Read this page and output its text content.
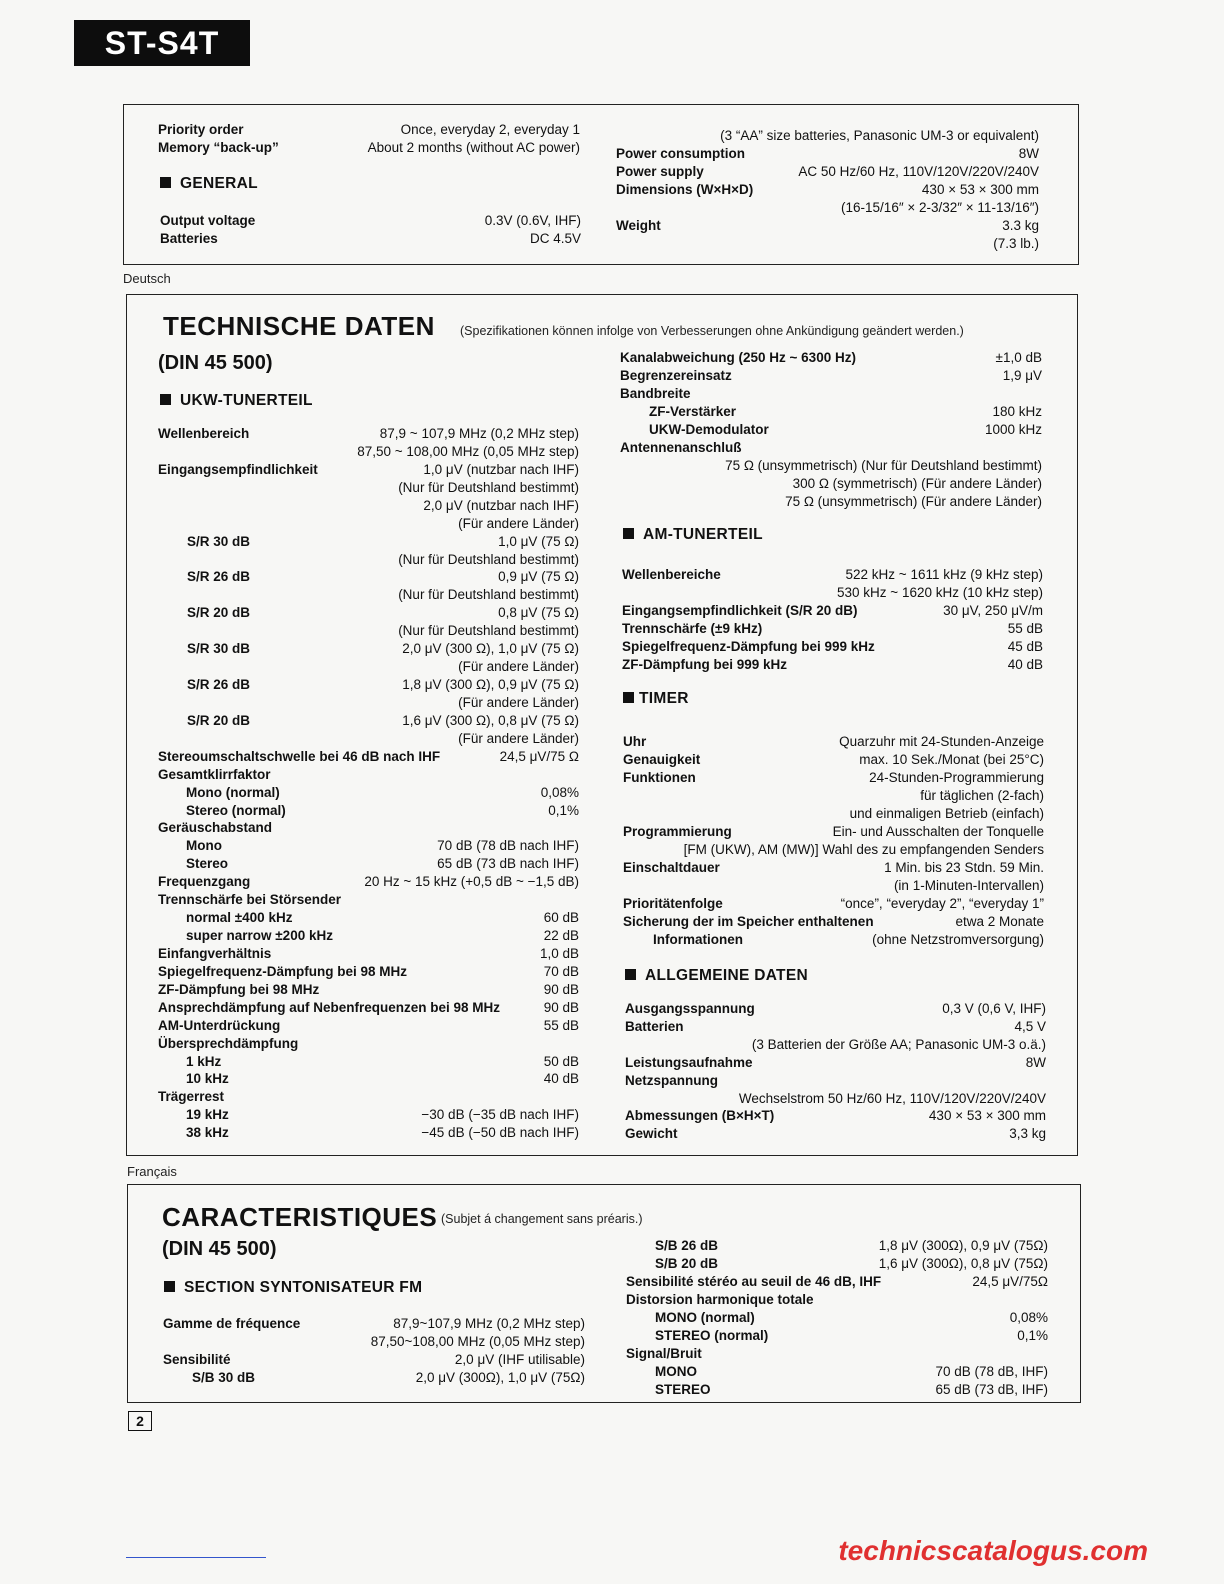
ST-S4T
Priority order	Once, everyday 2, everyday 1
Memory “back-up”	About 2 months (without AC power)
GENERAL
Output voltage	0.3V (0.6V, IHF)
Batteries	DC 4.5V
(3 “AA” size batteries, Panasonic UM-3 or equivalent)
Power consumption	8W
Power supply	AC 50 Hz/60 Hz, 110V/120V/220V/240V
Dimensions (W×H×D)	430 × 53 × 300 mm
(16-15/16″ × 2-3/32″ × 11-13/16″)
Weight	3.3 kg
(7.3 lb.)
Deutsch
TECHNISCHE DATEN (Spezifikationen können infolge von Verbesserungen ohne Ankündigung geändert werden.)
(DIN 45 500)
UKW-TUNERTEIL
Wellenbereich	87,9 ~ 107,9 MHz (0,2 MHz step)
87,50 ~ 108,00 MHz (0,05 MHz step)
Eingangsempfindlichkeit	1,0 μV (nutzbar nach IHF)
(Nur für Deutshland bestimmt)
2,0 μV (nutzbar nach IHF)
(Für andere Länder)
S/R 30 dB	1,0 μV (75 Ω)
(Nur für Deutshland bestimmt)
S/R 26 dB	0,9 μV (75 Ω)
(Nur für Deutshland bestimmt)
S/R 20 dB	0,8 μV (75 Ω)
(Nur für Deutshland bestimmt)
S/R 30 dB	2,0 μV (300 Ω), 1,0 μV (75 Ω)
(Für andere Länder)
S/R 26 dB	1,8 μV (300 Ω), 0,9 μV (75 Ω)
(Für andere Länder)
S/R 20 dB	1,6 μV (300 Ω), 0,8 μV (75 Ω)
(Für andere Länder)
Stereoumschaltschwelle bei 46 dB nach IHF	24,5 μV/75 Ω
Gesamtklirrfaktor
Mono (normal)	0,08%
Stereo (normal)	0,1%
Geräuschabstand
Mono	70 dB (78 dB nach IHF)
Stereo	65 dB (73 dB nach IHF)
Frequenzgang	20 Hz ~ 15 kHz (+0,5 dB ~ −1,5 dB)
Trennschärfe bei Störsender
normal ±400 kHz	60 dB
super narrow ±200 kHz	22 dB
Einfangverhältnis	1,0 dB
Spiegelfrequenz-Dämpfung bei 98 MHz	70 dB
ZF-Dämpfung bei 98 MHz	90 dB
Ansprechdämpfung auf Nebenfrequenzen bei 98 MHz	90 dB
AM-Unterdrückung	55 dB
Übersprechdämpfung
1 kHz	50 dB
10 kHz	40 dB
Trägerrest
19 kHz	−30 dB (−35 dB nach IHF)
38 kHz	−45 dB (−50 dB nach IHF)
Kanalabweichung (250 Hz ~ 6300 Hz)	±1,0 dB
Begrenzereinsatz	1,9 μV
Bandbreite
ZF-Verstärker	180 kHz
UKW-Demodulator	1000 kHz
Antennenanschluß
75 Ω (unsymmetrisch) (Nur für Deutshland bestimmt)
300 Ω (symmetrisch) (Für andere Länder)
75 Ω (unsymmetrisch) (Für andere Länder)
AM-TUNERTEIL
Wellenbereiche	522 kHz ~ 1611 kHz (9 kHz step)
530 kHz ~ 1620 kHz (10 kHz step)
Eingangsempfindlichkeit (S/R 20 dB)	30 μV, 250 μV/m
Trennschärfe (±9 kHz)	55 dB
Spiegelfrequenz-Dämpfung bei 999 kHz	45 dB
ZF-Dämpfung bei 999 kHz	40 dB
TIMER
Uhr	Quarzuhr mit 24-Stunden-Anzeige
Genauigkeit	max. 10 Sek./Monat (bei 25°C)
Funktionen	24-Stunden-Programmierung
für täglichen (2-fach)
und einmaligen Betrieb (einfach)
Programmierung	Ein- und Ausschalten der Tonquelle
[FM (UKW), AM (MW)] Wahl des zu empfangenden Senders
Einschaltdauer	1 Min. bis 23 Stdn. 59 Min.
(in 1-Minuten-Intervallen)
Prioritätenfolge	“once”, “everyday 2”, “everyday 1”
Sicherung der im Speicher enthaltenen	etwa 2 Monate
Informationen	(ohne Netzstromversorgung)
ALLGEMEINE DATEN
Ausgangsspannung	0,3 V (0,6 V, IHF)
Batterien	4,5 V
(3 Batterien der Größe AA; Panasonic UM-3 o.ä.)
Leistungsaufnahme	8W
Netzspannung
Wechselstrom 50 Hz/60 Hz, 110V/120V/220V/240V
Abmessungen (B×H×T)	430 × 53 × 300 mm
Gewicht	3,3 kg
Français
CARACTERISTIQUES (Subjet á changement sans préaris.)
(DIN 45 500)
SECTION SYNTONISATEUR FM
Gamme de fréquence	87,9~107,9 MHz (0,2 MHz step)
87,50~108,00 MHz (0,05 MHz step)
Sensibilité	2,0 μV (IHF utilisable)
S/B 30 dB	2,0 μV (300Ω), 1,0 μV (75Ω)
S/B 26 dB	1,8 μV (300Ω), 0,9 μV (75Ω)
S/B 20 dB	1,6 μV (300Ω), 0,8 μV (75Ω)
Sensibilité stéréo au seuil de 46 dB, IHF	24,5 μV/75Ω
Distorsion harmonique totale
MONO (normal)	0,08%
STEREO (normal)	0,1%
Signal/Bruit
MONO	70 dB (78 dB, IHF)
STEREO	65 dB (73 dB, IHF)
2
technicscatalogus.com
